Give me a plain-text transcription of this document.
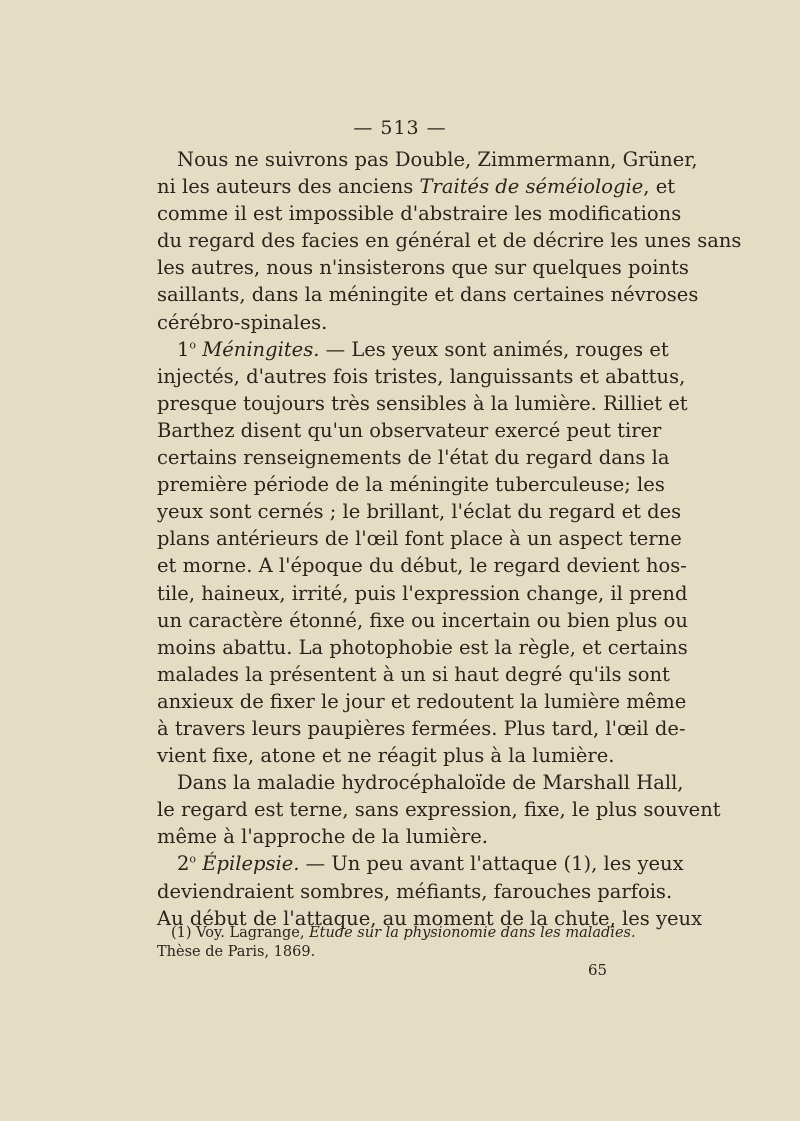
— 513 —
Nous ne suivrons pas Double, Zimmermann, Grüner,
ni les auteurs des anciens Traités de séméiologie, et
comme il est impossible d'abstraire les modifications
du regard des facies en général et de décrire les unes sans
les autres, nous n'insisterons que sur quelques points
saillants, dans la méningite et dans certaines névroses
cérébro-spinales.
1$^o$ Méningites. — Les yeux sont animés, rouges et
injectés, d'autres fois tristes, languissants et abattus,
presque toujours très sensibles à la lumière. Rilliet et
Barthez disent qu'un observateur exercé peut tirer
certains renseignements de l'état du regard dans la
première période de la méningite tuberculeuse; les
yeux sont cernés ; le brillant, l'éclat du regard et des
plans antérieurs de l'œil font place à un aspect terne
et morne. A l'époque du début, le regard devient hos-
tile, haineux, irrité, puis l'expression change, il prend
un caractère étonné, fixe ou incertain ou bien plus ou
moins abattu. La photophobie est la règle, et certains
malades la présentent à un si haut degré qu'ils sont
anxieux de fixer le jour et redoutent la lumière même
à travers leurs paupières fermées. Plus tard, l'œil de-
vient fixe, atone et ne réagit plus à la lumière.
Dans la maladie hydrocéphaloïde de Marshall Hall,
le regard est terne, sans expression, fixe, le plus souvent
même à l'approche de la lumière.
2$^o$ Épilepsie. — Un peu avant l'attaque (1), les yeux
deviendraient sombres, méfiants, farouches parfois.
Au début de l'attaque, au moment de la chute, les yeux
(1) Voy. Lagrange, Étude sur la physionomie dans les maladies.
Thèse de Paris, 1869.
65
